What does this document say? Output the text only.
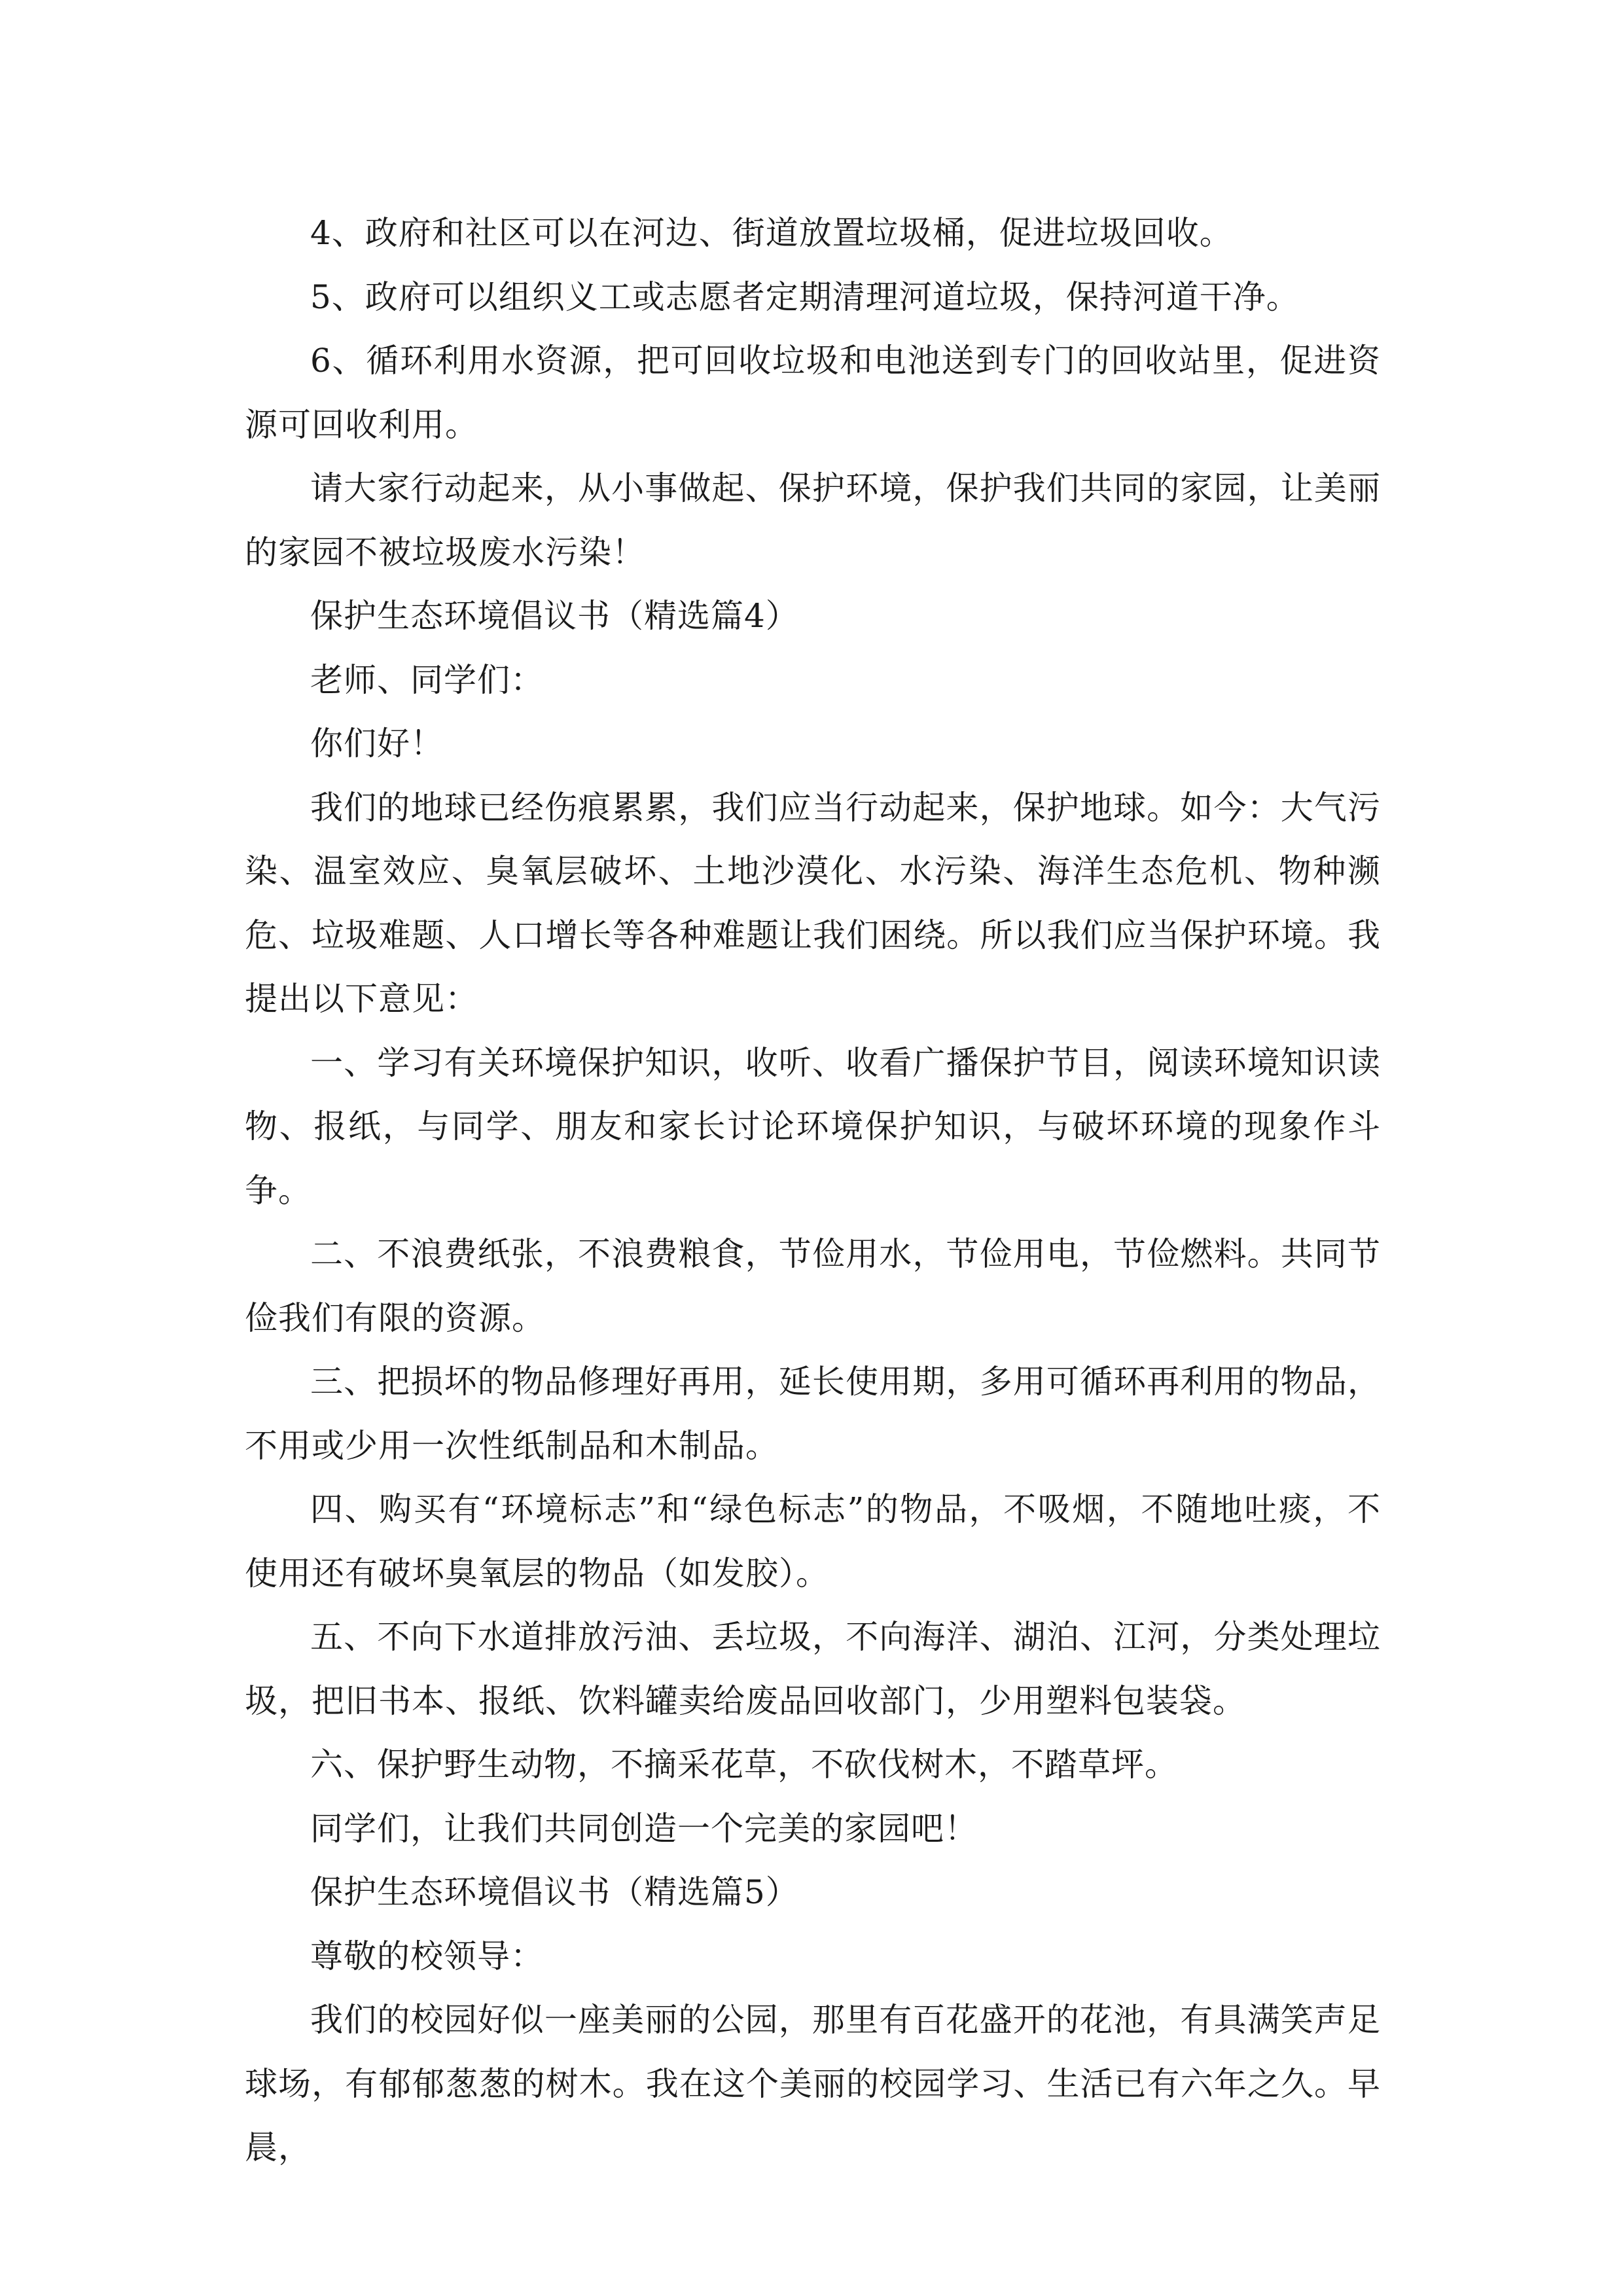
4、政府和社区可以在河边、街道放置垃圾桶，促进垃圾回收。

5、政府可以组织义工或志愿者定期清理河道垃圾，保持河道干净。

6、循环利用水资源，把可回收垃圾和电池送到专门的回收站里，促进资源可回收利用。

请大家行动起来，从小事做起、保护环境，保护我们共同的家园，让美丽的家园不被垃圾废水污染！

保护生态环境倡议书（精选篇4）

老师、同学们：

你们好！

我们的地球已经伤痕累累，我们应当行动起来，保护地球。如今：大气污染、温室效应、臭氧层破坏、土地沙漠化、水污染、海洋生态危机、物种濒危、垃圾难题、人口增长等各种难题让我们困绕。所以我们应当保护环境。我提出以下意见：

一、学习有关环境保护知识，收听、收看广播保护节目，阅读环境知识读物、报纸，与同学、朋友和家长讨论环境保护知识，与破坏环境的现象作斗争。

二、不浪费纸张，不浪费粮食，节俭用水，节俭用电，节俭燃料。共同节俭我们有限的资源。

三、把损坏的物品修理好再用，延长使用期，多用可循环再利用的物品，不用或少用一次性纸制品和木制品。

四、购买有“环境标志”和“绿色标志”的物品，不吸烟，不随地吐痰，不使用还有破坏臭氧层的物品（如发胶）。

五、不向下水道排放污油、丢垃圾，不向海洋、湖泊、江河，分类处理垃圾，把旧书本、报纸、饮料罐卖给废品回收部门，少用塑料包装袋。

六、保护野生动物，不摘采花草，不砍伐树木，不踏草坪。

同学们，让我们共同创造一个完美的家园吧！

保护生态环境倡议书（精选篇5）

尊敬的校领导：

我们的校园好似一座美丽的公园，那里有百花盛开的花池，有具满笑声足球场，有郁郁葱葱的树木。我在这个美丽的校园学习、生活已有六年之久。早晨，
